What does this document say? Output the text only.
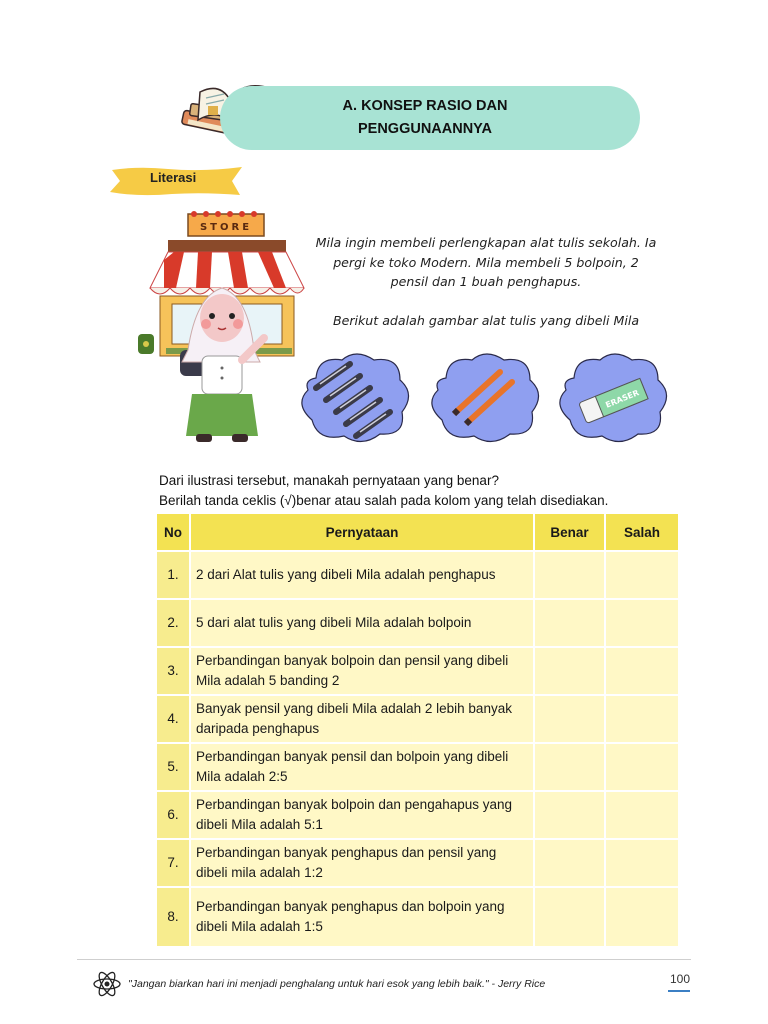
A. KONSEP RASIO DAN
PENGGUNAANNYA
Literasi
STORE

Mila ingin membeli perlengkapan alat tulis sekolah. Ia

pergi ke toko Modern. Mila membeli 5 bolpoin, 2

pensil dan 1 buah penghapus.

Berikut adalah gambar alat tulis yang dibeli Mila

ERASER
Dari ilustrasi tersebut, manakah pernyataan yang benar?
Berilah tanda ceklis (√)benar atau salah pada kolom yang telah disediakan.
No	Pernyataan	Benar	Salah
1.	2 dari Alat tulis yang dibeli Mila adalah penghapus		

2.	5 dari alat tulis yang dibeli Mila adalah bolpoin		

3.	Perbandingan banyak bolpoin dan pensil yang dibeli
Mila adalah 5 banding 2		

4.	Banyak pensil yang dibeli Mila adalah 2 lebih banyak
daripada penghapus		

5.	Perbandingan banyak pensil dan bolpoin yang dibeli
Mila adalah 2:5		

6.	Perbandingan banyak bolpoin dan pengahapus yang
dibeli Mila adalah 5:1		

7.	Perbandingan banyak penghapus dan pensil yang
dibeli mila adalah 1:2		

8.	Perbandingan banyak penghapus dan bolpoin yang
dibeli Mila adalah 1:5		

"Jangan biarkan hari ini menjadi penghalang untuk hari esok yang lebih baik." - Jerry Rice	100
